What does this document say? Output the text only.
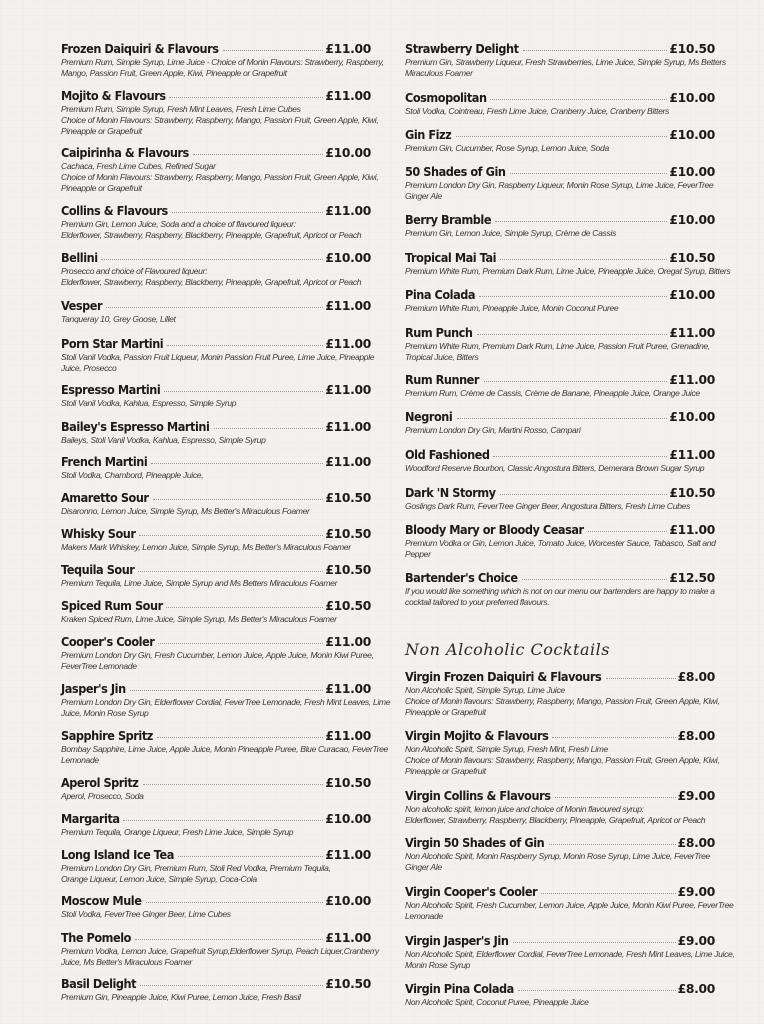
Frozen Daiquiri & Flavours	£11.00
Premium Rum, Simple Syrup, Lime Juice - Choice of Monin Flavours: Strawberry, Raspberry,
Mango, Passion Fruit, Green Apple, Kiwi, Pineapple or Grapefruit
Mojito & Flavours	£11.00
Premium Rum, Simple Syrup, Fresh Mint Leaves, Fresh Lime Cubes
Choice of Monin Flavours: Strawberry, Raspberry, Mango, Passion Fruit, Green Apple, Kiwi,
Pineapple or Grapefruit
Caipirinha & Flavours	£10.00
Cachaca, Fresh Lime Cubes, Refined Sugar
Choice of Monin Flavours: Strawberry, Raspberry, Mango, Passion Fruit, Green Apple, Kiwi,
Pineapple or Grapefruit
Collins & Flavours	£11.00
Premium Gin, Lemon Juice, Soda and a choice of flavoured liqueur:
Elderflower, Strawberry, Raspberry, Blackberry, Pineapple, Grapefruit, Apricot or Peach
Bellini	£10.00
Prosecco and choice of Flavoured liqueur:
Elderflower, Strawberry, Raspberry, Blackberry, Pineapple, Grapefruit, Apricot or Peach
Vesper	£11.00
Tanqueray 10, Grey Goose, Lillet
Porn Star Martini	£11.00
Stoli Vanil Vodka, Passion Fruit Liqueur, Monin Passion Fruit Puree, Lime Juice, Pineapple
Juice, Prosecco
Espresso Martini	£11.00
Stoli Vanil Vodka, Kahlua, Espresso, Simple Syrup
Bailey's Espresso Martini	£11.00
Baileys, Stoli Vanil Vodka, Kahlua, Espresso, Simple Syrup
French Martini	£11.00
Stoli Vodka, Chambord, Pineapple Juice,
Amaretto Sour	£10.50
Disaronno, Lemon Juice, Simple Syrup, Ms Better's Miraculous Foamer
Whisky Sour	£10.50
Makers Mark Whiskey, Lemon Juice, Simple Syrup, Ms Better's Miraculous Foamer
Tequila Sour	£10.50
Premium Tequila, Lime Juice, Simple Syrup and Ms Betters Miraculous Foamer
Spiced Rum Sour	£10.50
Kraken Spiced Rum, Lime Juice, Simple Syrup, Ms Better's Miraculous Foamer
Cooper's Cooler	£11.00
Premium London Dry Gin, Fresh Cucumber, Lemon Juice, Apple Juice, Monin Kiwi Puree,
FeverTree Lemonade
Jasper's Jin	£11.00
Premium London Dry Gin, Elderflower Cordial, FeverTree Lemonade, Fresh Mint Leaves, Lime
Juice, Monin Rose Syrup
Sapphire Spritz	£11.00
Bombay Sapphire, Lime Juice, Apple Juice, Monin Pineapple Puree, Blue Curacao, FeverTree
Lemonade
Aperol Spritz	£10.50
Aperol, Prosecco, Soda
Margarita	£10.00
Premium Tequila, Orange Liqueur, Fresh Lime Juice, Simple Syrup
Long Island Ice Tea	£11.00
Premium London Dry Gin, Premium Rum, Stoli Red Vodka, Premium Tequila,
Orange Liqueur, Lemon Juice, Simple Syrup, Coca-Cola
Moscow Mule	£10.00
Stoli Vodka, FeverTree Ginger Beer, Lime Cubes
The Pomelo	£11.00
Premium Vodka, Lemon Juice, Grapefruit Syrup,Elderflower Syrup, Peach Liquer,Cranberry
Juice, Ms Better's Miraculous Foamer
Basil Delight	£10.50
Premium Gin, Pineapple Juice, Kiwi Puree, Lemon Juice, Fresh Basil
Non Alcoholic Cocktails
Strawberry Delight	£10.50
Premium Gin, Strawberry Liqueur, Fresh Strawberries, Lime Juice, Simple Syrup, Ms Betters
Miraculous Foamer
Cosmopolitan	£10.00
Stoli Vodka, Cointreau, Fresh Lime Juice, Cranberry Juice, Cranberry Bitters
Gin Fizz	£10.00
Premium Gin, Cucumber, Rose Syrup, Lemon Juice, Soda
50 Shades of Gin	£10.00
Premium London Dry Gin, Raspberry Liqueur, Monin Rose Syrup, Lime Juice, FeverTree
Ginger Ale
Berry Bramble	£10.00
Premium Gin, Lemon Juice, Simple Syrup, Crème de Cassis
Tropical Mai Tai	£10.50
Premium White Rum, Premium Dark Rum, Lime Juice, Pineapple Juice, Oregat Syrup, Bitters
Pina Colada	£10.00
Premium White Rum, Pineapple Juice, Monin Coconut Puree
Rum Punch	£11.00
Premium White Rum, Premium Dark Rum, Lime Juice, Passion Fruit Puree, Grenadine,
Tropical Juice, Bitters
Rum Runner	£11.00
Premium Rum, Crème de Cassis, Crème de Banane, Pineapple Juice, Orange Juice
Negroni	£10.00
Premium London Dry Gin, Martini Rosso, Campari
Old Fashioned	£11.00
Woodford Reserve Bourbon, Classic Angostura Bitters, Demerara Brown Sugar Syrup
Dark 'N Stormy	£10.50
Goslings Dark Rum, FeverTree Ginger Beer, Angostura Bitters, Fresh Lime Cubes
Bloody Mary or Bloody Ceasar	£11.00
Premium Vodka or Gin, Lemon Juice, Tomato Juice, Worcester Sauce, Tabasco, Salt and
Pepper
Bartender's Choice	£12.50
If you would like something which is not on our menu our bartenders are happy to make a
cocktail tailored to your preferred flavours.
Virgin Frozen Daiquiri & Flavours	£8.00
Non Alcoholic Spirit, Simple Syrup, Lime Juice
Choice of Monin flavours: Strawberry, Raspberry, Mango, Passion Fruit, Green Apple, Kiwi,
Pineapple or Grapefruit
Virgin Mojito & Flavours	£8.00
Non Alcoholic Spirit, Simple Syrup, Fresh Mint, Fresh Lime
Choice of Monin flavours: Strawberry, Raspberry, Mango, Passion Fruit, Green Apple, Kiwi,
Pineapple or Grapefruit
Virgin Collins & Flavours	£9.00
Non alcoholic spirit, lemon juice and choice of Monin flavoured syrup:
Elderflower, Strawberry, Raspberry, Blackberry, Pineapple, Grapefruit, Apricot or Peach
Virgin 50 Shades of Gin	£8.00
Non Alcoholic Spirit, Monin Raspberry Syrup, Monin Rose Syrup, Lime Juice, FeverTree
Ginger Ale
Virgin Cooper's Cooler	£9.00
Non Alcoholic Spirit, Fresh Cucumber, Lemon Juice, Apple Juice, Monin Kiwi Puree, FeverTree
Lemonade
Virgin Jasper's Jin	£9.00
Non Alcoholic Spirit, Elderflower Cordial, FeverTree Lemonade, Fresh Mint Leaves, Lime Juice,
Monin Rose Syrup
Virgin Pina Colada	£8.00
Non Alcoholic Spirit, Coconut Puree, Pineapple Juice
